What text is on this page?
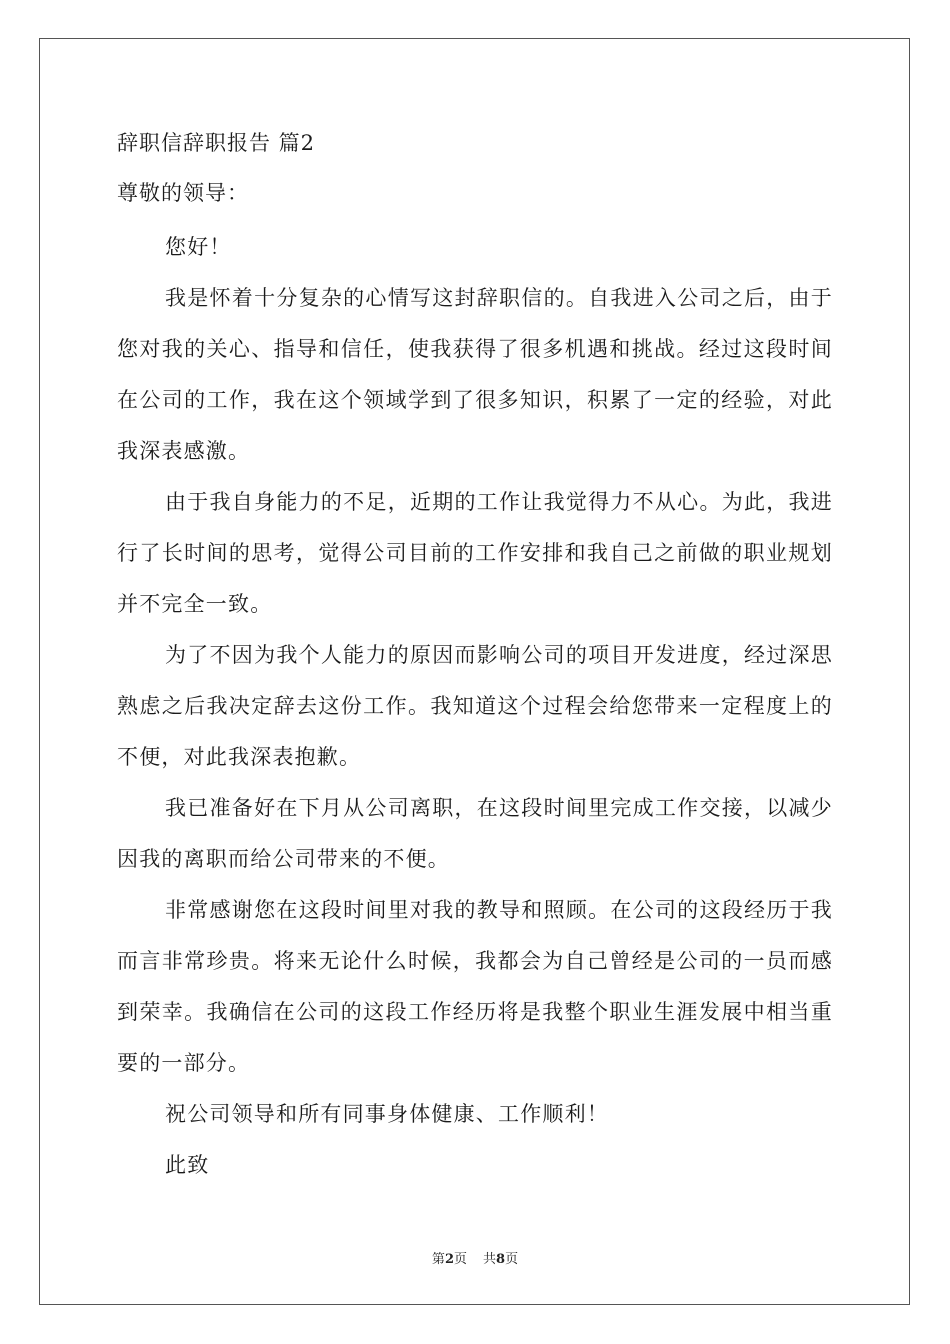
辞职信辞职报告 篇2

尊敬的领导：

您好！

我是怀着十分复杂的心情写这封辞职信的。自我进入公司之后，由于您对我的关心、指导和信任，使我获得了很多机遇和挑战。经过这段时间在公司的工作，我在这个领域学到了很多知识，积累了一定的经验，对此我深表感激。

由于我自身能力的不足，近期的工作让我觉得力不从心。为此，我进行了长时间的思考，觉得公司目前的工作安排和我自己之前做的职业规划并不完全一致。

为了不因为我个人能力的原因而影响公司的项目开发进度，经过深思熟虑之后我决定辞去这份工作。我知道这个过程会给您带来一定程度上的不便，对此我深表抱歉。

我已准备好在下月从公司离职，在这段时间里完成工作交接，以减少因我的离职而给公司带来的不便。

非常感谢您在这段时间里对我的教导和照顾。在公司的这段经历于我而言非常珍贵。将来无论什么时候，我都会为自己曾经是公司的一员而感到荣幸。我确信在公司的这段工作经历将是我整个职业生涯发展中相当重要的一部分。

祝公司领导和所有同事身体健康、工作顺利！

此致

第2页 共8页
